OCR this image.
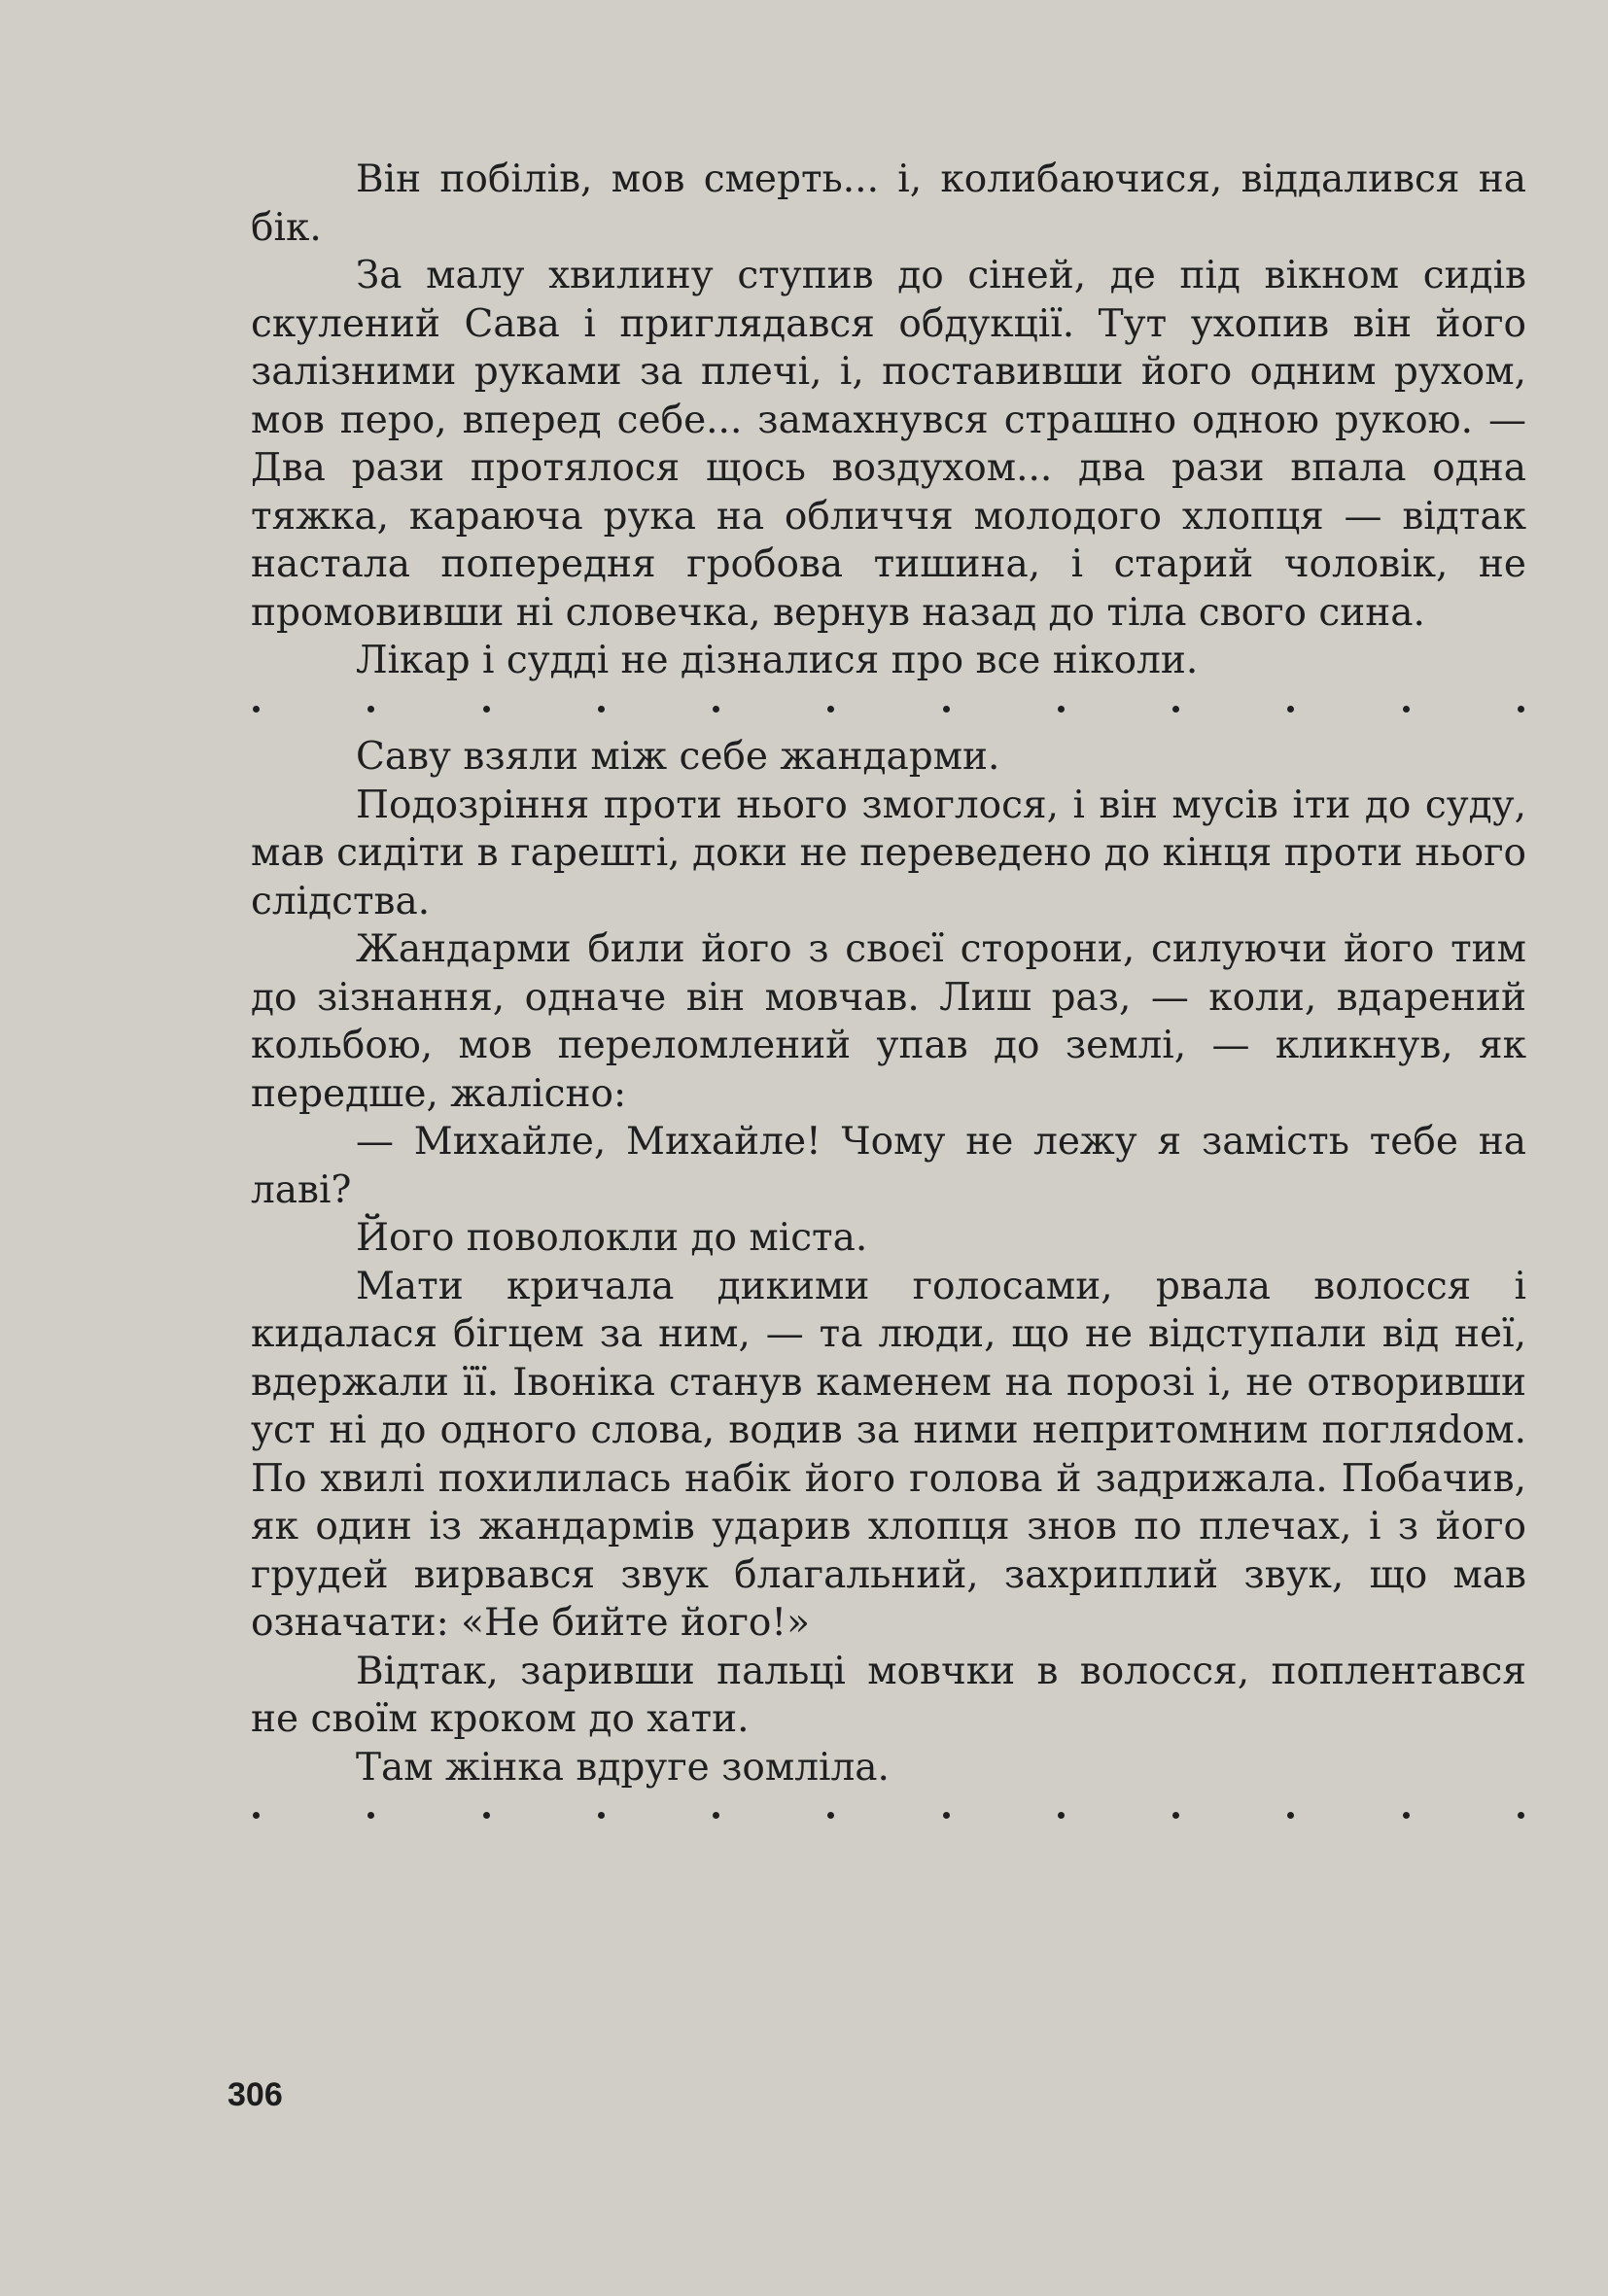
Він побілів, мов смерть... і, колибаючися, віддалився на бік.

За малу хвилину ступив до сіней, де під вікном сидів скулений Сава і приглядався обдукції. Тут ухопив він його залізними руками за плечі, і, поставивши його одним рухом, мов перо, вперед себе... замахнувся страшно одною рукою. — Два рази протялося щось воздухом... два рази впала одна тяжка, караюча рука на обличчя молодого хлопця — відтак настала попередня гробова тишина, і старий чоловік, не промовивши ні словечка, вернув назад до тіла свого сина.

Лікар і судді не дізналися про все ніколи.

Саву взяли між себе жандарми.

Подозріння проти нього змоглося, і він мусів іти до суду, мав сидіти в гарешті, доки не переведено до кінця проти нього слідства.

Жандарми били його з своєї сторони, силуючи його тим до зізнання, одначе він мовчав. Лиш раз, — коли, вдарений кольбою, мов переломлений упав до землі, — кликнув, як передше, жалісно:

— Михайле, Михайле! Чому не лежу я замість тебе на лаві?

Його поволокли до міста.

Мати кричала дикими голосами, рвала волосся і кидалася бігцем за ним, — та люди, що не відступали від неї, вдержали її. Івоніка станув каменем на порозі і, не отворивши уст ні до одного слова, водив за ними непритомним погляdом. По хвилі похилилась набік його голова й задрижала. Побачив, як один із жандармів ударив хлопця знов по плечах, і з його грудей вирвався звук благальний, захриплий звук, що мав означати: «Не бийте його!»

Відтак, заривши пальці мовчки в волосся, поплентався не своїм кроком до хати.

Там жінка вдруге зомліла.

306
